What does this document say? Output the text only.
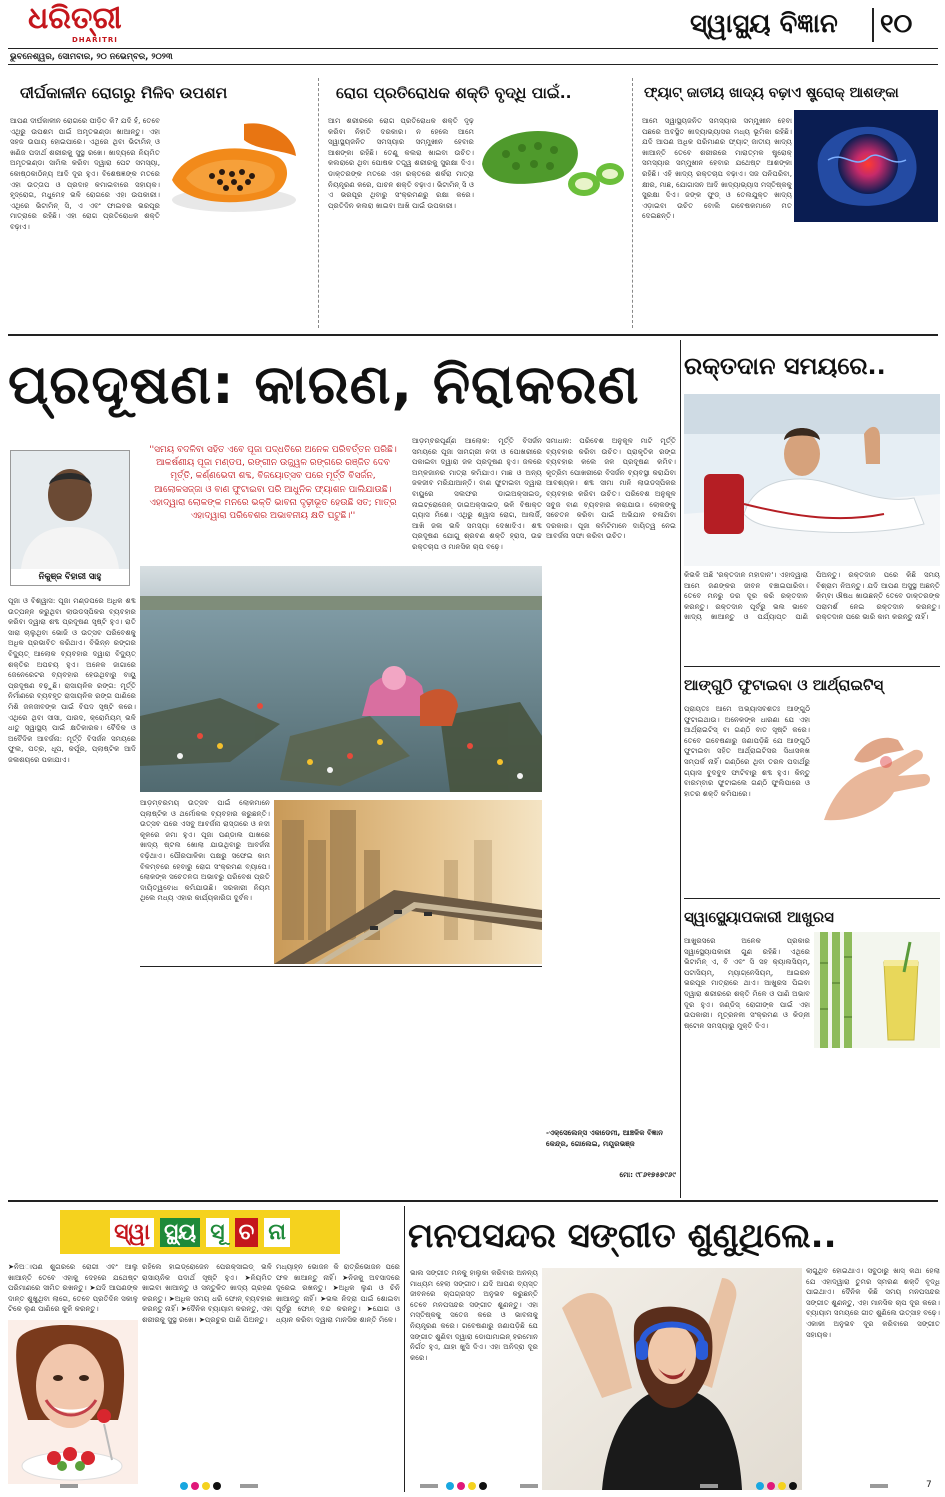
ଧରିତ୍ରୀ
DHARITRI
ସ୍ୱାସ୍ଥ୍ୟ ବିଜ୍ଞାନ	୧୦
ଭୁବନେଶ୍ୱର, ସୋମବାର, ୨୦ ନଭେମ୍ବର, ୨୦୨୩
ଦୀର୍ଘକାଳୀନ ରୋଗରୁ ମିଳିବ ଉପଶମ
ଆପଣ ଦୀର୍ଘକାଳୀନ ରୋଗରେ ପୀଡ଼ିତ କି? ଯଦି ହଁ, ତେବେ ଏଥିରୁ ଉପଶମ ପାଇଁ ଅମୃତଭଣ୍ଡା ଖାଆନ୍ତୁ। ଏହା ସହଜ ଉପାୟ ହୋଇପାରେ। ଏଥିରେ ଥିବା ଭିଟାମିନ୍ ଓ ଖଣିଜ ପଦାର୍ଥ ଶରୀରକୁ ସୁସ୍ଥ ରଖେ। ଖାଦ୍ୟରେ ନିୟମିତ ଅମୃତଭଣ୍ଡା ସାମିଲ କରିବା ଦ୍ୱାରା ପେଟ ସମସ୍ୟା, କୋଷ୍ଠକାଠିନ୍ୟ ଆଦି ଦୂର ହୁଏ। ବିଶେଷଜ୍ଞଙ୍କ ମତରେ ଏହା ଉତ୍ତାପ ଓ ପ୍ରଦାହ କମାଇବାରେ ସହାୟକ। ହୃଦ୍ରୋଗ, ମଧୁମେହ ଭଳି ରୋଗରେ ଏହା ଉପକାରୀ। ଏଥିରେ ଭିଟାମିନ୍ ସି, ଏ ଏବଂ ଫାଇବର ଭରପୂର ମାତ୍ରାରେ ରହିଛି। ଏହା ରୋଗ ପ୍ରତିରୋଧକ ଶକ୍ତି ବଢ଼ାଏ।
ରୋଗ ପ୍ରତିରୋଧକ ଶକ୍ତି ବୃଦ୍ଧି ପାଇଁ..
ଆମ ଶରୀରରେ ରୋଗ ପ୍ରତିରୋଧକ ଶକ୍ତି ଦୃଢ଼ କରିବା ନିହାତି ଦରକାର। ନ ହେଲେ ଆମେ ସ୍ୱାସ୍ଥ୍ୟଜନିତ ସମସ୍ୟାର ସମ୍ମୁଖୀନ ହେବାର ଆଶଙ୍କା ରହିଛି। ତେଣୁ କଲରା ଖାଇବା ଉଚିତ। କଲରାରେ ଥିବା ପୋଷକ ତତ୍ତ୍ୱ ଶରୀରକୁ ସୁରକ୍ଷା ଦିଏ। ଡାକ୍ତରଙ୍କ ମତରେ ଏହା ରକ୍ତରେ ଶର୍କରା ମାତ୍ରା ନିୟନ୍ତ୍ରଣ କରେ, ପାଚନ ଶକ୍ତି ବଢ଼ାଏ। ଭିଟାମିନ୍ ସି ଓ ଏ ଭରପୂର ଥିବାରୁ ସଂକ୍ରମଣରୁ ରକ୍ଷା କରେ। ପ୍ରତିଦିନ କଲରା ଖାଇବା ଆଖି ପାଇଁ ଉପକାରୀ।
ଫ୍ୟାଟ୍ ଜାତୀୟ ଖାଦ୍ୟ ବଢ଼ାଏ ଷ୍ଟ୍ରୋକ୍ ଆଶଙ୍କା
ଆମେ ସ୍ୱାସ୍ଥ୍ୟଜନିତ ସମସ୍ୟାର ସମ୍ମୁଖୀନ ହେବା ପଛରେ ଅବସ୍ଥିତ ଖାଦ୍ୟାଭ୍ୟାସର ମଧ୍ୟ ଭୂମିକା ରହିଛି। ଯଦି ଆପଣ ଅଧିକ ପରିମାଣର ଫ୍ୟାଟ୍ ଜାତୀୟ ଖାଦ୍ୟ ଖାଆନ୍ତି ତେବେ ଶରୀରରେ ମାରାତ୍ମକ ଷ୍ଟ୍ରୋକ୍ ସମସ୍ୟାର ସମ୍ମୁଖୀନ ହେବାର ଯଥେଷ୍ଟ ଆଶଙ୍କା ରହିଛି। ଏହି ଖାଦ୍ୟ ରକ୍ତଚାପ ବଢ଼ାଏ। ସଜ ପନିପରିବା, କ୍ଷୀର, ମାଛ, ଯୋଗାସନ ଆଦି ଖାଦ୍ୟାଭ୍ୟାସ ମସ୍ତିଷ୍କକୁ ସୁରକ୍ଷା ଦିଏ। ଜଙ୍କ ଫୁଡ୍ ଓ ତେଲଯୁକ୍ତ ଖାଦ୍ୟ ଏଡ଼ାଇବା ଉଚିତ ବୋଲି ଗବେଷକମାନେ ମତ ଦେଇଛନ୍ତି।
ପ୍ରଦୂଷଣ: କାରଣ, ନିରାକରଣ
ନିକୁଞ୍ଜ ବିହାରୀ ସାହୁ
''ସମୟ ବଦଳିବା ସହିତ ଏବେ ପୂଜା ପଦ୍ଧତିରେ ଅନେକ ପରିବର୍ତ୍ତନ ପରିଛି। ଆକର୍ଷଣୀୟ ପୂଜା ମଣ୍ଡପ, ରଙ୍ଗୀନ ଉଜ୍ଜ୍ୱଳ ରଙ୍ଗରେ ରଞ୍ଜିତ ଦେବ ମୂର୍ତ୍ତି, କର୍ଣ୍ଣଭେଦୀ ଶବ୍ଦ, ବିଜୟୋତ୍ସବ ପରେ ମୂର୍ତ୍ତି ବିସର୍ଜନ, ଆଲୋକସଜ୍ଜା ଓ ବାଣ ଫୁଟାଇବା ପରି ଆଧୁନିକ ଫ୍ୟାଶନ ପାଲିଯାଉଛି। ଏହାଦ୍ୱାରା ଲୋକଙ୍କ ମନରେ ଭକ୍ତି ଭାବନା ଦୃଢ଼ୀଭୂତ ହେଉଛି ସତ; ମାତ୍ର ଏହାଦ୍ୱାରା ପରିବେଶର ଅଭାବନୀୟ କ୍ଷତି ଘଟୁଛି।''
ଆଡ଼ମ୍ବରପୂର୍ଣ୍ଣ ଆଲୋକ: ମୂର୍ତ୍ତି ବିସର୍ଜନ ସମୟରେ ପୂଜା ସାମଗ୍ରୀ ନଦୀ ଓ ପୋଖରୀରେ ପକାଇବା ଦ୍ୱାରା ଜଳ ପ୍ରଦୂଷଣ ହୁଏ। ଜଳରେ ଅମ୍ଳଜାନର ମାତ୍ରା କମିଯାଏ। ମାଛ ଓ ଅନ୍ୟ ଜଳଜୀବ ମରିଯାଆନ୍ତି। ବାଣ ଫୁଟାଇବା ଦ୍ୱାରା ବାୟୁରେ ସଲଫର ଡାଇଅକ୍ସାଇଡ୍, ନାଇଟ୍ରୋଜେନ୍ ଡାଇଅକ୍ସାଇଡ୍ ଭଳି ବିଷାକ୍ତ ଗ୍ୟାସ ମିଶେ। ଏଥିରୁ ଶ୍ୱାସ ରୋଗ, ଆଲର୍ଜି, ଆଖି ଜଳା ଭଳି ସମସ୍ୟା ଦେଖାଦିଏ। ଶବ୍ଦ ପ୍ରଦୂଷଣ ଯୋଗୁ ଶ୍ରବଣ ଶକ୍ତି ହ୍ରାସ, ଉଚ୍ଚ ରକ୍ତଚାପ ଓ ମାନସିକ ଚାପ ବଢ଼େ।
ସମାଧାନ: ପରିବେଶ ଅନୁକୂଳ ମାଟି ମୂର୍ତ୍ତି ବ୍ୟବହାର କରିବା ଉଚିତ। ପ୍ରାକୃତିକ ରଙ୍ଗ ବ୍ୟବହାର କଲେ ଜଳ ପ୍ରଦୂଷଣ କମିବ। କୃତ୍ରିମ ପୋଖରୀରେ ବିସର୍ଜନ ବ୍ୟବସ୍ଥା କରାଯିବା ଆବଶ୍ୟକ। ଶବ୍ଦ ସୀମା ମାନି ଲାଉଡସ୍ପିକର ବ୍ୟବହାର କରିବା ଉଚିତ। ପରିବେଶ ଅନୁକୂଳ ସବୁଜ ବାଣ ବ୍ୟବହାର କରାଯାଉ। ଲୋକଙ୍କୁ ସଚେତନ କରିବା ପାଇଁ ଅଭିଯାନ ଚଳାଯିବା ଦରକାର। ପୂଜା କମିଟିମାନେ ଦାୟିତ୍ୱ ନେଇ ଆବର୍ଜନା ସଫା କରିବା ଉଚିତ।
ପୂଜା ଓ ବିଶ୍ୱାସ: ପୂଜା ମଣ୍ଡପରେ ଅଧିକ ଶବ୍ଦ ଉତ୍ପନ୍ନ କରୁଥିବା ଲାଉଡସ୍ପିକର ବ୍ୟବହାର କରିବା ଦ୍ୱାରା ଶବ୍ଦ ପ୍ରଦୂଷଣ ସୃଷ୍ଟି ହୁଏ। ରାତି ସାରା ଚାଲୁଥିବା ଭୋଜି ଓ ଉତ୍ସବ ପରିବେଶକୁ ଅଧିକ ପ୍ରଭାବିତ କରିଥାଏ। ବିଭିନ୍ନ ରଙ୍ଗର ବିଦ୍ୟୁତ୍ ଆଲୋକ ବ୍ୟବହାର ଦ୍ୱାରା ବିଦ୍ୟୁତ୍ ଶକ୍ତିର ଅପଚୟ ହୁଏ। ଅନେକ ଜାଗାରେ ଜେନେରେଟର ବ୍ୟବହାର ହେଉଥିବାରୁ ବାୟୁ ପ୍ରଦୂଷଣ ବଢ଼ୁଛି। ରାସାୟନିକ ରଙ୍ଗ: ମୂର୍ତ୍ତି ନିର୍ମାଣରେ ବ୍ୟବହୃତ ରାସାୟନିକ ରଙ୍ଗ ପାଣିରେ ମିଶି ଜଳଜୀବଙ୍କ ପାଇଁ ବିପଦ ସୃଷ୍ଟି କରେ। ଏଥିରେ ଥିବା ସୀସା, ପାରଦ, କ୍ରୋମିୟମ୍ ଭଳି ଧାତୁ ସ୍ୱାସ୍ଥ୍ୟ ପାଇଁ କ୍ଷତିକାରକ। ବୈଦିକ ଓ ଅବୈଦିକ ଆବର୍ଜନା: ମୂର୍ତ୍ତି ବିସର୍ଜନ ସମୟରେ ଫୁଲ, ପତ୍ର, ଧୂପ, କର୍ପୂର, ପ୍ଲାଷ୍ଟିକ ଆଦି ଜଳାଶୟରେ ପକାଯାଏ।
ଆଡ଼ମ୍ବରମୟ ଉତ୍ସବ ପାଇଁ ଲୋକମାନେ ପ୍ଲାଷ୍ଟିକ ଓ ଥର୍ମୋକଲ ବ୍ୟବହାର କରୁଛନ୍ତି। ଉତ୍ସବ ପରେ ଏସବୁ ଆବର୍ଜନା ରାସ୍ତାରେ ଓ ନଦୀ କୂଳରେ ଜମା ହୁଏ। ପୂଜା ପଣ୍ଡାଲ ପାଖରେ ଖାଦ୍ୟ ଷ୍ଟଲ ଖୋଲା ଯାଉଥିବାରୁ ଆବର୍ଜନା ବଢ଼ିଥାଏ। ପୌରପାଳିକା ପକ୍ଷରୁ ସଫେଇ କାମ ବିଳମ୍ବରେ ହେବାରୁ ରୋଗ ସଂକ୍ରମଣ ବ୍ୟାପେ। ଲୋକଙ୍କ ସଚେତନତା ଅଭାବରୁ ପରିବେଶ ପ୍ରତି ଦାୟିତ୍ୱବୋଧ କମିଯାଉଛି। ସରକାରୀ ନିୟମ ଥିଲେ ମଧ୍ୟ ଏହାର କାର୍ଯ୍ୟକାରିତା ଦୁର୍ବଳ।
-ଏକ୍ସେଲେନ୍ସ ଏକାଡେମୀ, ଆଞ୍ଚଳିକ ବିଜ୍ଞାନ କେନ୍ଦ୍ର, ଗୋଲେଇ, ମୟୂରଭଞ୍ଜ
ମୋ: ୯୮୬୧୭୫୭୯୬୯
ରକ୍ତଦାନ ସମୟରେ..
କିଭଳି ଅଛି 'ରକ୍ତଦାନ ମହାଦାନ'। ଏହାଦ୍ୱାରା ଆମେ ଜଣଙ୍କର ଜୀବନ ବଞ୍ଚାଇପାରିବା। ତେବେ ମନରୁ ଡର ଦୂର କରି ରକ୍ତଦାନ କରନ୍ତୁ। ରକ୍ତଦାନ ପୂର୍ବରୁ ଭଲ ଭାବେ ଖାଦ୍ୟ ଖାଆନ୍ତୁ ଓ ପର୍ଯ୍ୟାପ୍ତ ପାଣି ପିଅନ୍ତୁ। ରକ୍ତଦାନ ପରେ କିଛି ସମୟ ବିଶ୍ରାମ ନିଅନ୍ତୁ। ଯଦି ଆପଣ ଅସୁସ୍ଥ ଅଛନ୍ତି କିମ୍ବା ଔଷଧ ଖାଉଛନ୍ତି ତେବେ ଡାକ୍ତରଙ୍କ ପରାମର୍ଶ ନେଇ ରକ୍ତଦାନ କରନ୍ତୁ। ରକ୍ତଦାନ ପରେ ଭାରି କାମ କରନ୍ତୁ ନାହିଁ।
ଆଙ୍ଗୁଠି ଫୁଟାଇବା ଓ ଆର୍ଥ୍ରାଇଟିସ୍
ପ୍ରାୟତଃ ଆମେ ଅଭ୍ୟାସବଶତଃ ଆଙ୍ଗୁଠି ଫୁଟାଇଥାଉ। ଅନେକଙ୍କ ଧାରଣା ଯେ ଏହା ଆର୍ଥ୍ରାଇଟିସ୍ ବା ଗଣ୍ଠି ବାତ ସୃଷ୍ଟି କରେ। ତେବେ ଗବେଷଣାରୁ ଜଣାପଡ଼ିଛି ଯେ ଆଙ୍ଗୁଠି ଫୁଟାଇବା ସହିତ ଆର୍ଥ୍ରାଇଟିସର ସିଧାସଳଖ ସମ୍ପର୍କ ନାହିଁ। ଗଣ୍ଠିରେ ଥିବା ତରଳ ପଦାର୍ଥରୁ ଗ୍ୟାସ ବୁଦବୁଦ ଫାଟିବାରୁ ଶବ୍ଦ ହୁଏ। କିନ୍ତୁ ବାରମ୍ବାର ଫୁଟାଇଲେ ଗଣ୍ଠି ଫୁଲିପାରେ ଓ ହାତର ଶକ୍ତି କମିପାରେ।
ସ୍ୱାସ୍ଥ୍ୟୋପକାରୀ ଆଖୁରସ
ଆଖୁରସରେ ଅନେକ ପ୍ରକାର ସ୍ୱାସ୍ଥ୍ୟୋପକାରୀ ଗୁଣ ରହିଛି। ଏଥିରେ ଭିଟାମିନ୍ ଏ, ବି ଏବଂ ସି ସହ କ୍ୟାଲସିୟମ୍, ପଟାସିୟମ୍, ମ୍ୟାଗ୍ନେସିୟମ୍, ଆଇରନ ଭରପୂର ମାତ୍ରାରେ ଥାଏ। ଆଖୁରସ ପିଇବା ଦ୍ୱାରା ଶରୀରରେ ଶକ୍ତି ମିଳେ ଓ ପାଣି ଅଭାବ ଦୂର ହୁଏ। ଜଣ୍ଡିସ୍ ରୋଗୀଙ୍କ ପାଇଁ ଏହା ଉପକାରୀ। ମୂତ୍ରନଳୀ ସଂକ୍ରମଣ ଓ କିଡ୍ନୀ ଷ୍ଟୋନ ସମସ୍ୟାରୁ ମୁକ୍ତି ଦିଏ।
ସ୍ୱା ସ୍ଥ୍ୟ ସୂ ଚ ନା
➤ନିଅାପଣ ଶୁଗରରେ ରୋଗୀ ଏବଂ ଆଲୁ ଖାଆନ୍ତି ତେବେ ଏହାକୁ ଦେହରେ ଯଥେଷ୍ଟ ପରିମାଣରେ ସୀମିତ ରଖନ୍ତୁ। ➤ଯଦି ଆପଣଙ୍କ ଦାନ୍ତ ଶୁଖୁଥିବା ଲାଗେ, ତେବେ ପ୍ରତିଦିନ ସକାଳୁ ଟିକେ ଲୁଣ ପାଣିରେ କୁଳି କରନ୍ତୁ।
ରହିଲେ ହାଇଡ୍ରୋଜେନ ପେରକ୍ସାଇଡ୍ ଭଳି ରାସାୟନିକ ପଦାର୍ଥ ସୃଷ୍ଟି ହୁଏ। ➤ନିୟମିତ ଖାଇବା ଖାଆନ୍ତୁ ଓ ସନ୍ତୁଳିତ ଖାଦ୍ୟ ଗ୍ରହଣ କରନ୍ତୁ। ➤ଅଧିକ ସମୟ ଧରି ଫୋନ୍ ବ୍ୟବହାର କରନ୍ତୁ ନାହିଁ। ➤ଦୈନିକ ବ୍ୟାୟାମ କରନ୍ତୁ, ଏହା ଶରୀରକୁ ସୁସ୍ଥ ରଖେ। ➤ପ୍ରଚୁର ପାଣି ପିଅନ୍ତୁ।
ମଧ୍ୟାହ୍ନ ଭୋଜନ କି ରାତ୍ରିଭୋଜନ ପରେ ଫଳ ଖାଆନ୍ତୁ ନାହିଁ। ➤ନିଜକୁ ଅବସାଦରେ ଦୂରେଇ ରଖନ୍ତୁ। ➤ଅଧିକ ଲୁଣ ଓ ଚିନି ଖାଆନ୍ତୁ ନାହିଁ। ➤ଭଲ ନିଦ୍ରା ପାଇଁ ଶୋଇବା ପୂର୍ବରୁ ଫୋନ୍ ବନ୍ଦ କରନ୍ତୁ। ➤ଯୋଗ ଓ ଧ୍ୟାନ କରିବା ଦ୍ୱାରା ମାନସିକ ଶାନ୍ତି ମିଳେ।
ମନପସନ୍ଦର ସଙ୍ଗୀତ ଶୁଣୁଥିଲେ..
ଭାଲ ସଙ୍ଗୀତ ମନକୁ ହାଲୁକା କରିବାର ଅନନ୍ୟ ମାଧ୍ୟମ ହେଲା ସଙ୍ଗୀତ। ଯଦି ଆପଣ ବ୍ୟସ୍ତ ଜୀବନରେ ଚାପଗ୍ରସ୍ତ ଅନୁଭବ କରୁଛନ୍ତି ତେବେ ମନପସନ୍ଦର ସଙ୍ଗୀତ ଶୁଣନ୍ତୁ। ଏହା ମସ୍ତିଷ୍କକୁ ସତେଜ କରେ ଓ ଭାବନାକୁ ନିୟନ୍ତ୍ରଣ କରେ। ଗବେଷଣାରୁ ଜଣାପଡ଼ିଛି ଯେ ସଙ୍ଗୀତ ଶୁଣିବା ଦ୍ୱାରା ଡୋପାମାଇନ୍ ହରମୋନ ନିର୍ଗତ ହୁଏ, ଯାହା ଖୁସି ଦିଏ। ଏହା ଅନିଦ୍ରା ଦୂର କରେ।
ଲାଗୁଥିବ ହୋଇଥାଏ। ସବୁଠାରୁ ଖାସ୍ କଥା ହେଲା ଯେ ଏହାଦ୍ୱାରା ତୁମର ସ୍ମରଣ ଶକ୍ତି ବୃଦ୍ଧି ପାଇଥାଏ। ଦୈନିକ କିଛି ସମୟ ମନପସନ୍ଦର ସଙ୍ଗୀତ ଶୁଣନ୍ତୁ, ଏହା ମାନସିକ ଚାପ ଦୂର କରେ। ବ୍ୟାୟାମ ସମୟରେ ଗୀତ ଶୁଣିଲେ ଉତ୍ସାହ ବଢ଼େ। ଏକାକୀ ଅନୁଭବ ଦୂର କରିବାରେ ସଙ୍ଗୀତ ସହାୟକ।
7
